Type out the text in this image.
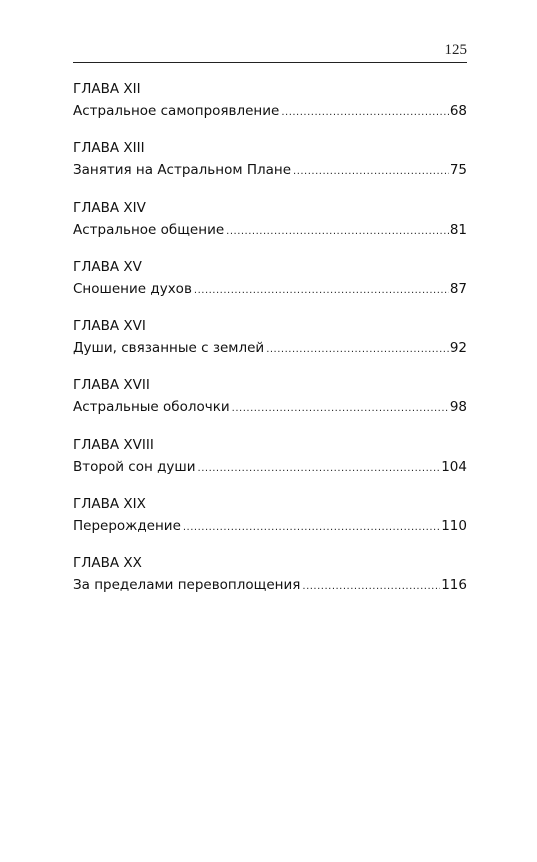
125
ГЛАВА XII
Астральное самопроявление .....	68
ГЛАВА XIII
Занятия на Астральном Плане .....	75
ГЛАВА XIV
Астральное общение .....	81
ГЛАВА XV
Сношение духов .....	87
ГЛАВА XVI
Души, связанные с землей .....	92
ГЛАВА XVII
Астральные оболочки .....	98
ГЛАВА XVIII
Второй сон души .....	104
ГЛАВА XIX
Перерождение .....	110
ГЛАВА XX
За пределами перевоплощения .....	116
